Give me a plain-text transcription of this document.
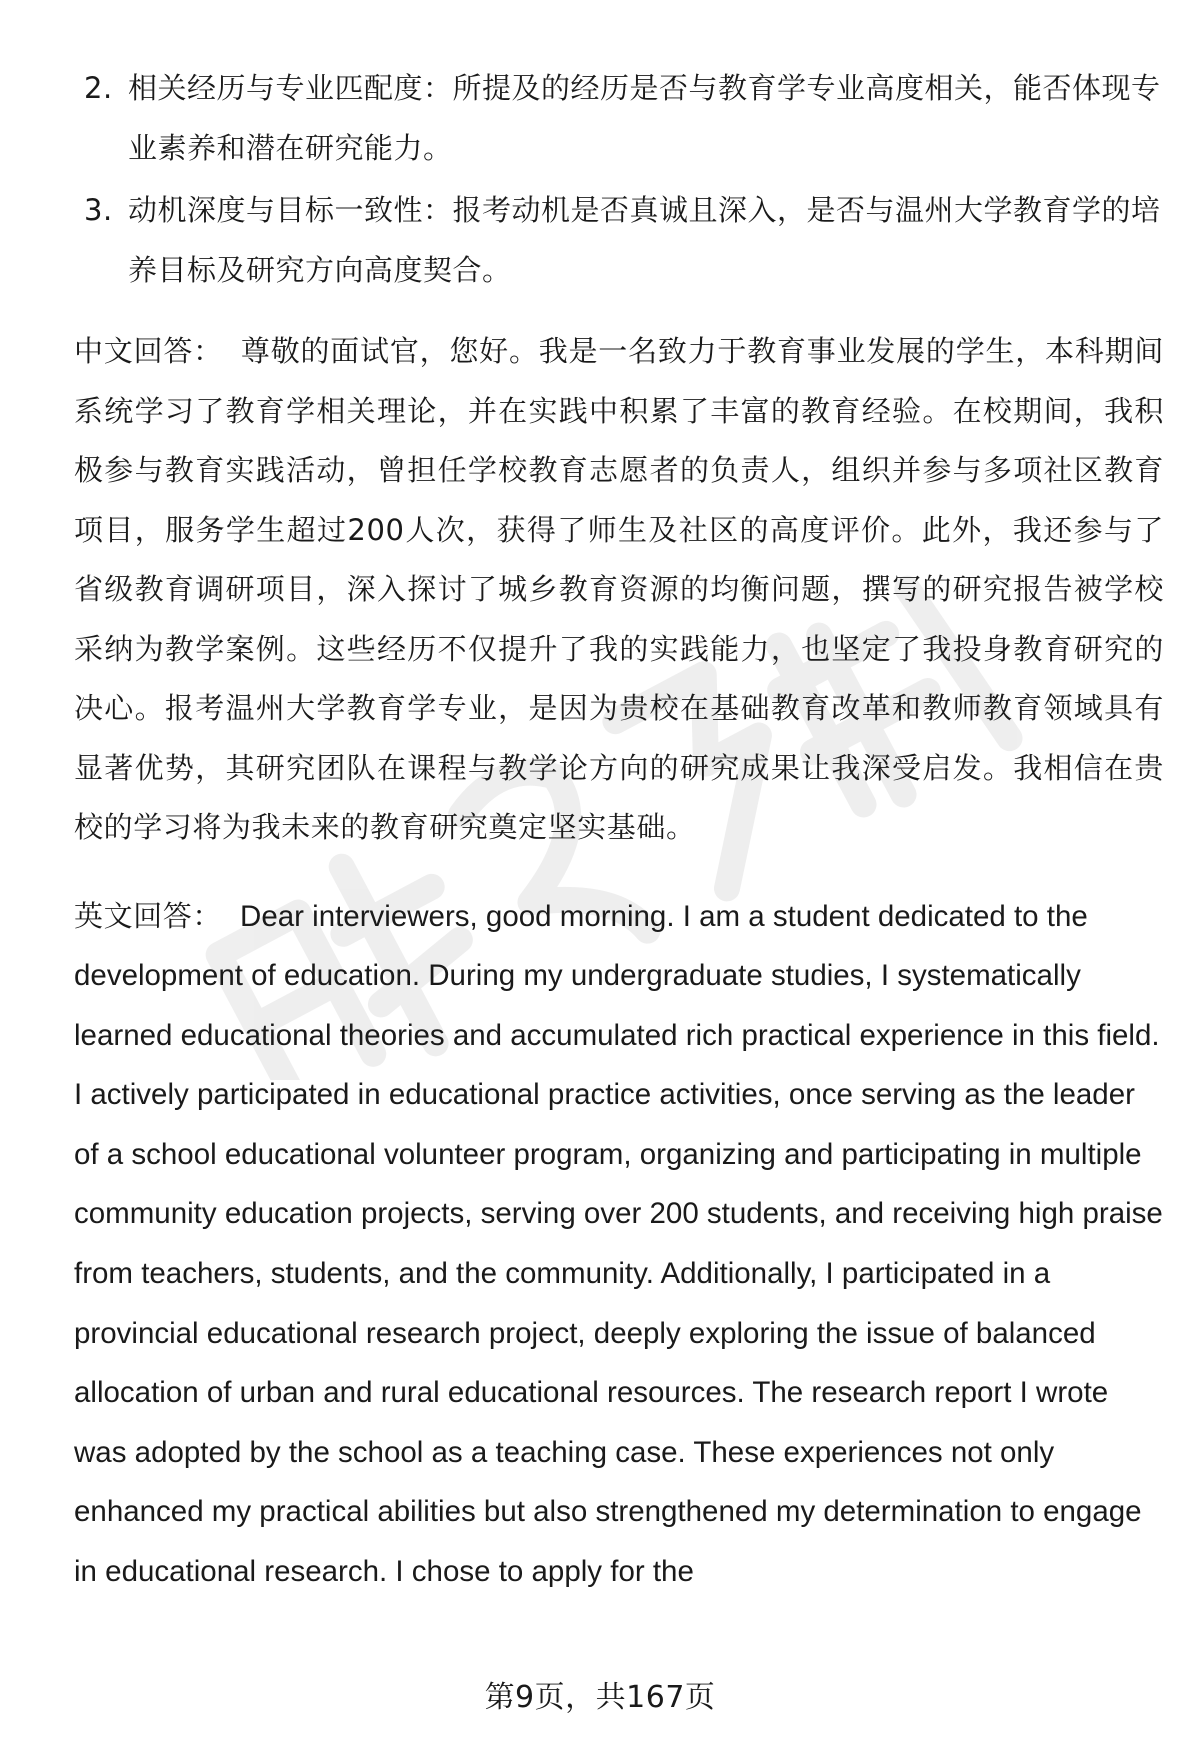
2. 相关经历与专业匹配度：所提及的经历是否与教育学专业高度相关，能否体现专业素养和潜在研究能力。
3. 动机深度与目标一致性：报考动机是否真诚且深入，是否与温州大学教育学的培养目标及研究方向高度契合。

中文回答： 尊敬的面试官，您好。我是一名致力于教育事业发展的学生，本科期间系统学习了教育学相关理论，并在实践中积累了丰富的教育经验。在校期间，我积极参与教育实践活动，曾担任学校教育志愿者的负责人，组织并参与多项社区教育项目，服务学生超过200人次，获得了师生及社区的高度评价。此外，我还参与了省级教育调研项目，深入探讨了城乡教育资源的均衡问题，撰写的研究报告被学校采纳为教学案例。这些经历不仅提升了我的实践能力，也坚定了我投身教育研究的决心。报考温州大学教育学专业，是因为贵校在基础教育改革和教师教育领域具有显著优势，其研究团队在课程与教学论方向的研究成果让我深受启发。我相信在贵校的学习将为我未来的教育研究奠定坚实基础。

英文回答： Dear interviewers, good morning. I am a student dedicated to the development of education. During my undergraduate studies, I systematically learned educational theories and accumulated rich practical experience in this field. I actively participated in educational practice activities, once serving as the leader of a school educational volunteer program, organizing and participating in multiple community education projects, serving over 200 students, and receiving high praise from teachers, students, and the community. Additionally, I participated in a provincial educational research project, deeply exploring the issue of balanced allocation of urban and rural educational resources. The research report I wrote was adopted by the school as a teaching case. These experiences not only enhanced my practical abilities but also strengthened my determination to engage in educational research. I chose to apply for the

第9页，共167页
